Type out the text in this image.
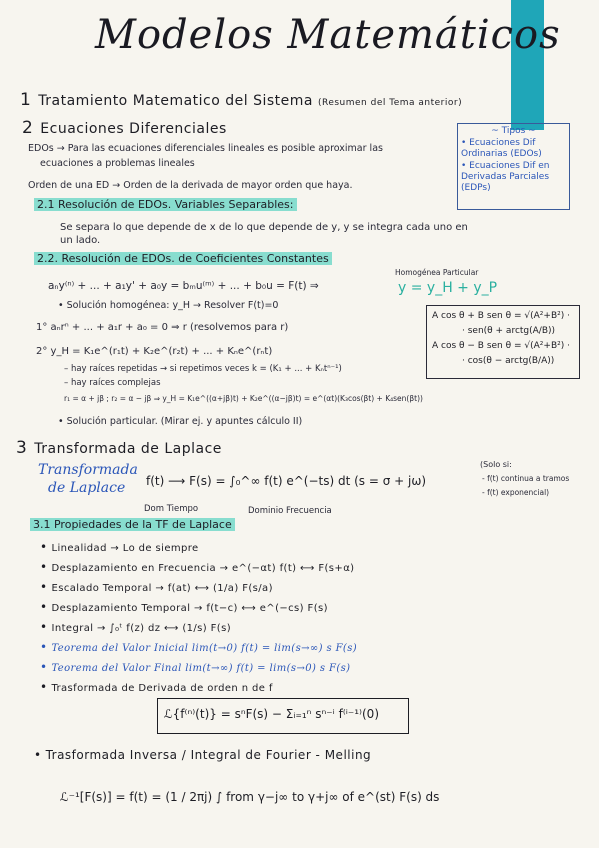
Modelos Matemáticos
1 Tratamiento Matematico del Sistema (Resumen del Tema anterior)
2 Ecuaciones Diferenciales
EDOs → Para las ecuaciones diferenciales lineales es posible aproximar las
ecuaciones a problemas lineales
Orden de una ED → Orden de la derivada de mayor orden que haya.
~ Tipos ~
• Ecuaciones Dif Ordinarias (EDOs)
• Ecuaciones Dif en Derivadas Parciales (EDPs)
2.1 Resolución de EDOs. Variables Separables:
Se separa lo que depende de x de lo que depende de y, y se integra cada uno en
un lado.
2.2. Resolución de EDOs. de Coeficientes Constantes
Homogénea Particular
aₙy⁽ⁿ⁾ + ... + a₁y' + a₀y = bₘu⁽ᵐ⁾ + ... + b₀u = F(t) ⇒	y = y_H + y_P
• Solución homogénea: y_H → Resolver F(t)=0
1° aₙrⁿ + ... + a₁r + a₀ = 0 ⇒ r (resolvemos para r)
2° y_H = K₁e^(r₁t) + K₂e^(r₂t) + ... + Kₙe^(rₙt)
– hay raíces repetidas → si repetimos veces k = (K₁ + ... + Kₙtⁿ⁻¹)
– hay raíces complejas
r₁ = α + jβ ; r₂ = α − jβ ⇒ y_H = K₁e^((α+jβ)t) + K₂e^((α−jβ)t) = e^(αt)(K₃cos(βt) + K₄sen(βt))
• Solución particular. (Mirar ej. y apuntes cálculo II)
A cos θ + B sen θ = √(A²+B²) ·
· sen(θ + arctg(A/B))
A cos θ − B sen θ = √(A²+B²) ·
· cos(θ − arctg(B/A))
3 Transformada de Laplace
Transformada
de Laplace f(t) ⟶ F(s) = ∫₀^∞ f(t) e^(−ts) dt (s = σ + jω)
Dom Tiempo	Dominio Frecuencia
(Solo si:
- f(t) continua a tramos
- f(t) exponencial)
3.1 Propiedades de la TF de Laplace
• Linealidad → Lo de siempre
• Desplazamiento en Frecuencia → e^(−αt) f(t) ⟷ F(s+α)
• Escalado Temporal → f(at) ⟷ (1/a) F(s/a)
• Desplazamiento Temporal → f(t−c) ⟷ e^(−cs) F(s)
• Integral → ∫₀ᵗ f(z) dz ⟷ (1/s) F(s)
• Teorema del Valor Inicial lim(t→0) f(t) = lim(s→∞) s F(s)
• Teorema del Valor Final lim(t→∞) f(t) = lim(s→0) s F(s)
• Trasformada de Derivada de orden n de f
ℒ{f⁽ⁿ⁾(t)} = sⁿF(s) − Σᵢ₌₁ⁿ sⁿ⁻ⁱ f⁽ⁱ⁻¹⁾(0)
• Trasformada Inversa / Integral de Fourier - Melling
ℒ⁻¹[F(s)] = f(t) = (1 / 2πj) ∫ from γ−j∞ to γ+j∞ of e^(st) F(s) ds
